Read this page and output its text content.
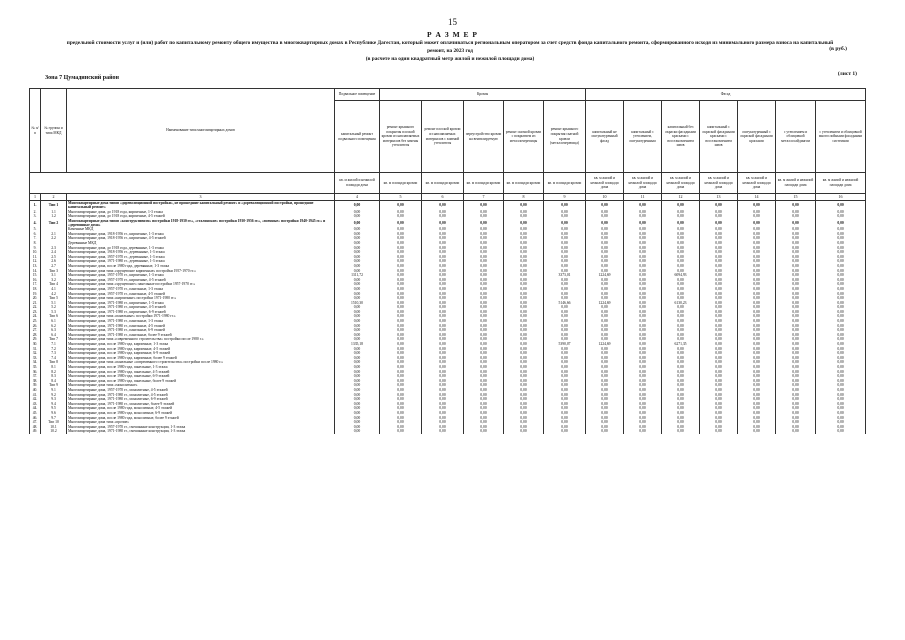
15
Р А З М Е Р
предельной стоимости услуг и (или) работ по капитальному ремонту общего имущества в многоквартирных домах в Республике Дагестан, который может оплачиваться региональным оператором за счет средств фонда капитального ремонта, сформированного исходя из минимального размера взноса на капитальный ремонт, на 2023 год
(в расчете на один квадратный метр жилой и нежилой площади дома)
(в руб.)
Зона 7 Цумадинский район
(лист 1)
№ п/п	№ группы и типа МКД	Наименование типа многоквартирных домов	Подвальное помещение	Кровля					Фасад						
			капитальный ремонт подвального помещения	ремонт крышного покрытия плоской кровли из наплавляемых материалов без замены утеплителя	ремонт плоской кровли из наплавляемых материалов с заменой утеплителя	переустройство кровли на вентилируемую	ремонт скатной кровли с покрытием из металлочерепицы	ремонт крышного покрытия скатной кровли (металлочерепица)	капитальный не оштукатуренный фасад	капитальный с утеплением, оштукатуренным	капитальный без окраски фасадными красками с восстановлением швов	капитальный с окраской фасадными красками с восстановлением швов	оштукатуренный с окраской фасадными красками	с утеплением и облицовкой металлосайдингом	с утеплением и облицовкой многослойными фасадными системами
			кв. м жилой и нежилой площади дома	кв. м площади кровли	кв. м площади кровли	кв. м площади кровли	кв. м площади кровли	кв. м площади кровли	кв. м жилой и нежилой площади дома	кв. м жилой и нежилой площади дома	кв. м жилой и нежилой площади дома	кв. м жилой и нежилой площади дома	кв. м жилой и нежилой площади дома	кв. м жилой и нежилой площади дома	кв. м жилой и нежилой площади дома
1	2	3	4	5	6	7	8	9	10	11	12	13	14	15	16
1.	Тип 1	Многоквартирные дома типов «дореволюционной постройки», не прошедшие капитальный ремонт» и «дореволюционной постройки, прошедшие капитальный ремонт»	0,00	0,00	0,00	0,00	0,00	0,00	0,00	0,00	0,00	0,00	0,00	0,00	0,00
2.	1.1	Многоквартирные дома, до 1918 года, кирпичные, 1-3 этажа	0,00	0,00	0,00	0,00	0,00	0,00	0,00	0,00	0,00	0,00	0,00	0,00	0,00
3.	1.2	Многоквартирные дома, до 1918 года, кирпичные, 4-5 этажей	0,00	0,00	0,00	0,00	0,00	0,00	0,00	0,00	0,00	0,00	0,00	0,00	0,00
4.	Тип 2	Многоквартирные дома типов «конструктивизм» постройки 1918-1930 гг.», «сталинские» постройки 1930-1956 гг.», «военные» постройки 1940-1945 гг.» и «деревянные дома»	0,00	0,00	0,00	0,00	0,00	0,00	0,00	0,00	0,00	0,00	0,00	0,00	0,00
5.		Каменные МКД	0,00	0,00	0,00	0,00	0,00	0,00	0,00	0,00	0,00	0,00	0,00	0,00	0,00
6.	2.1	Многоквартирные дома, 1918-1956 гг., кирпичные, 1-3 этажа	0,00	0,00	0,00	0,00	0,00	0,00	0,00	0,00	0,00	0,00	0,00	0,00	0,00
7.	2.2	Многоквартирные дома, 1918-1956 гг., кирпичные, 4-5 этажей	0,00	0,00	0,00	0,00	0,00	0,00	0,00	0,00	0,00	0,00	0,00	0,00	0,00
8.		Деревянные МКД	0,00	0,00	0,00	0,00	0,00	0,00	0,00	0,00	0,00	0,00	0,00	0,00	0,00
9.	2.3	Многоквартирные дома, до 1918 года, деревянные, 1-3 этажа	0,00	0,00	0,00	0,00	0,00	0,00	0,00	0,00	0,00	0,00	0,00	0,00	0,00
10.	2.4	Многоквартирные дома, 1918-1956 гг., деревянные, 1-3 этажа	0,00	0,00	0,00	0,00	0,00	0,00	0,00	0,00	0,00	0,00	0,00	0,00	0,00
11.	2.5	Многоквартирные дома, 1957-1970 гг., деревянные, 1-3 этажа	0,00	0,00	0,00	0,00	0,00	0,00	0,00	0,00	0,00	0,00	0,00	0,00	0,00
12.	2.6	Многоквартирные дома, 1971-1980 гг., деревянные, 1-3 этажа	0,00	0,00	0,00	0,00	0,00	0,00	0,00	0,00	0,00	0,00	0,00	0,00	0,00
13.	2.7	Многоквартирные дома, после 1980 года, деревянные, 1-3 этажа	0,00	0,00	0,00	0,00	0,00	0,00	0,00	0,00	0,00	0,00	0,00	0,00	0,00
14.	Тип 3	Многоквартирные дома типа «хрущевские кирпичные» постройки 1957-1970 гг.»	0,00	0,00	0,00	0,00	0,00	0,00	0,00	0,00	0,00	0,00	0,00	0,00	0,00
15.	3.1	Многоквартирные дома, 1957-1970 гг., кирпичные, 1-3 этажа	1311,72	0,00	0,00	0,00	0,00	3373,01	1224,69	0,00	6094,93	0,00	0,00	0,00	0,00
16.	3.2	Многоквартирные дома, 1957-1970 гг., кирпичные, 4-5 этажей	0,00	0,00	0,00	0,00	0,00	0,00	0,00	0,00	0,00	0,00	0,00	0,00	0,00
17.	Тип 4	Многоквартирные дома типа «хрущевские» панельные постройки 1957-1970 гг.»	0,00	0,00	0,00	0,00	0,00	0,00	0,00	0,00	0,00	0,00	0,00	0,00	0,00
18.	4.1	Многоквартирные дома, 1957-1970 гг., панельные, 1-3 этажа	0,00	0,00	0,00	0,00	0,00	0,00	0,00	0,00	0,00	0,00	0,00	0,00	0,00
19.	4.2	Многоквартирные дома, 1957-1970 гг., панельные, 4-5 этажей	0,00	0,00	0,00	0,00	0,00	0,00	0,00	0,00	0,00	0,00	0,00	0,00	0,00
20.	Тип 5	Многоквартирные дома типа «кирпичные» постройки 1971-1980 гг.»	0,00	0,00	0,00	0,00	0,00	0,00	0,00	0,00	0,00	0,00	0,00	0,00	0,00
21.	5.1	Многоквартирные дома, 1971-1980 гг., кирпичные, 1-3 этажа	1510,30	0,00	0,00	0,00	0,00	5146,66	1224,69	0,00	6130,23	0,00	0,00	0,00	0,00
22.	5.2	Многоквартирные дома, 1971-1980 гг., кирпичные, 4-5 этажей	0,00	0,00	0,00	0,00	0,00	0,00	0,00	0,00	0,00	0,00	0,00	0,00	0,00
23.	5.3	Многоквартирные дома, 1971-1980 гг., кирпичные, 6-9 этажей	0,00	0,00	0,00	0,00	0,00	0,00	0,00	0,00	0,00	0,00	0,00	0,00	0,00
24.	Тип 6	Многоквартирные дома типа «панельные» постройки 1971-1980 гг.»	0,00	0,00	0,00	0,00	0,00	0,00	0,00	0,00	0,00	0,00	0,00	0,00	0,00
25.	6.1	Многоквартирные дома, 1971-1980 гг., панельные, 1-3 этажа	0,00	0,00	0,00	0,00	0,00	0,00	0,00	0,00	0,00	0,00	0,00	0,00	0,00
26.	6.2	Многоквартирные дома, 1971-1980 гг., панельные, 4-5 этажей	0,00	0,00	0,00	0,00	0,00	0,00	0,00	0,00	0,00	0,00	0,00	0,00	0,00
27.	6.3	Многоквартирные дома, 1971-1980 гг., панельные, 6-9 этажей	0,00	0,00	0,00	0,00	0,00	0,00	0,00	0,00	0,00	0,00	0,00	0,00	0,00
28.	6.4	Многоквартирные дома, 1971-1980 гг., панельные, более 9 этажей	0,00	0,00	0,00	0,00	0,00	0,00	0,00	0,00	0,00	0,00	0,00	0,00	0,00
29.	Тип 7	Многоквартирные дома типа «современного строительства» постройки после 1980 г.»	0,00	0,00	0,00	0,00	0,00	0,00	0,00	0,00	0,00	0,00	0,00	0,00	0,00
30.	7.1	Многоквартирные дома, после 1980 года, кирпичные, 1-3 этажа	1335,18	0,00	0,00	0,00	0,00	5390,07	1224,69	0,00	6271,35	0,00	0,00	0,00	0,00
31.	7.2	Многоквартирные дома, после 1980 года, кирпичные, 4-5 этажей	0,00	0,00	0,00	0,00	0,00	0,00	0,00	0,00	0,00	0,00	0,00	0,00	0,00
32.	7.3	Многоквартирные дома, после 1980 года, кирпичные, 6-9 этажей	0,00	0,00	0,00	0,00	0,00	0,00	0,00	0,00	0,00	0,00	0,00	0,00	0,00
33.	7.4	Многоквартирные дома, после 1980 года, кирпичные, более 9 этажей	0,00	0,00	0,00	0,00	0,00	0,00	0,00	0,00	0,00	0,00	0,00	0,00	0,00
34.	Тип 8	Многоквартирные дома типа «панельные «современного строительства» постройки после 1980 г.»	0,00	0,00	0,00	0,00	0,00	0,00	0,00	0,00	0,00	0,00	0,00	0,00	0,00
35.	8.1	Многоквартирные дома, после 1980 года, панельные, 1-3 этажа	0,00	0,00	0,00	0,00	0,00	0,00	0,00	0,00	0,00	0,00	0,00	0,00	0,00
36.	8.2	Многоквартирные дома, после 1980 года, панельные, 4-5 этажей	0,00	0,00	0,00	0,00	0,00	0,00	0,00	0,00	0,00	0,00	0,00	0,00	0,00
37.	8.3	Многоквартирные дома, после 1980 года, панельные, 6-9 этажей	0,00	0,00	0,00	0,00	0,00	0,00	0,00	0,00	0,00	0,00	0,00	0,00	0,00
38.	8.4	Многоквартирные дома, после 1980 года, панельные, более 9 этажей	0,00	0,00	0,00	0,00	0,00	0,00	0,00	0,00	0,00	0,00	0,00	0,00	0,00
39.	Тип 9	Многоквартирные дома типа «монолитные»	0,00	0,00	0,00	0,00	0,00	0,00	0,00	0,00	0,00	0,00	0,00	0,00	0,00
40.	9.1	Многоквартирные дома, 1957-1970 гг., монолитные, 4-5 этажей	0,00	0,00	0,00	0,00	0,00	0,00	0,00	0,00	0,00	0,00	0,00	0,00	0,00
41.	9.2	Многоквартирные дома, 1971-1980 гг., монолитные, 4-5 этажей	0,00	0,00	0,00	0,00	0,00	0,00	0,00	0,00	0,00	0,00	0,00	0,00	0,00
42.	9.3	Многоквартирные дома, 1971-1980 гг., монолитные, 6-9 этажей	0,00	0,00	0,00	0,00	0,00	0,00	0,00	0,00	0,00	0,00	0,00	0,00	0,00
43.	9.4	Многоквартирные дома, 1971-1980 гг., монолитные, более 9 этажей	0,00	0,00	0,00	0,00	0,00	0,00	0,00	0,00	0,00	0,00	0,00	0,00	0,00
44.	9.5	Многоквартирные дома, после 1980 года, монолитные, 4-5 этажей	0,00	0,00	0,00	0,00	0,00	0,00	0,00	0,00	0,00	0,00	0,00	0,00	0,00
45.	9.6	Многоквартирные дома, после 1980 года, монолитные, 6-9 этажей	0,00	0,00	0,00	0,00	0,00	0,00	0,00	0,00	0,00	0,00	0,00	0,00	0,00
46.	9.7	Многоквартирные дома, после 1980 года, монолитные, более 9 этажей	0,00	0,00	0,00	0,00	0,00	0,00	0,00	0,00	0,00	0,00	0,00	0,00	0,00
47.	Тип 10	Многоквартирные дома типа «прочие»	0,00	0,00	0,00	0,00	0,00	0,00	0,00	0,00	0,00	0,00	0,00	0,00	0,00
48.	10.1	Многоквартирные дома, 1957-1970 гг., смешанные конструкции, 1-3 этажа	0,00	0,00	0,00	0,00	0,00	0,00	0,00	0,00	0,00	0,00	0,00	0,00	0,00
49.	10.2	Многоквартирные дома, 1971-1980 гг., смешанные конструкции, 1-3 этажа	0,00	0,00	0,00	0,00	0,00	0,00	0,00	0,00	0,00	0,00	0,00	0,00	0,00
